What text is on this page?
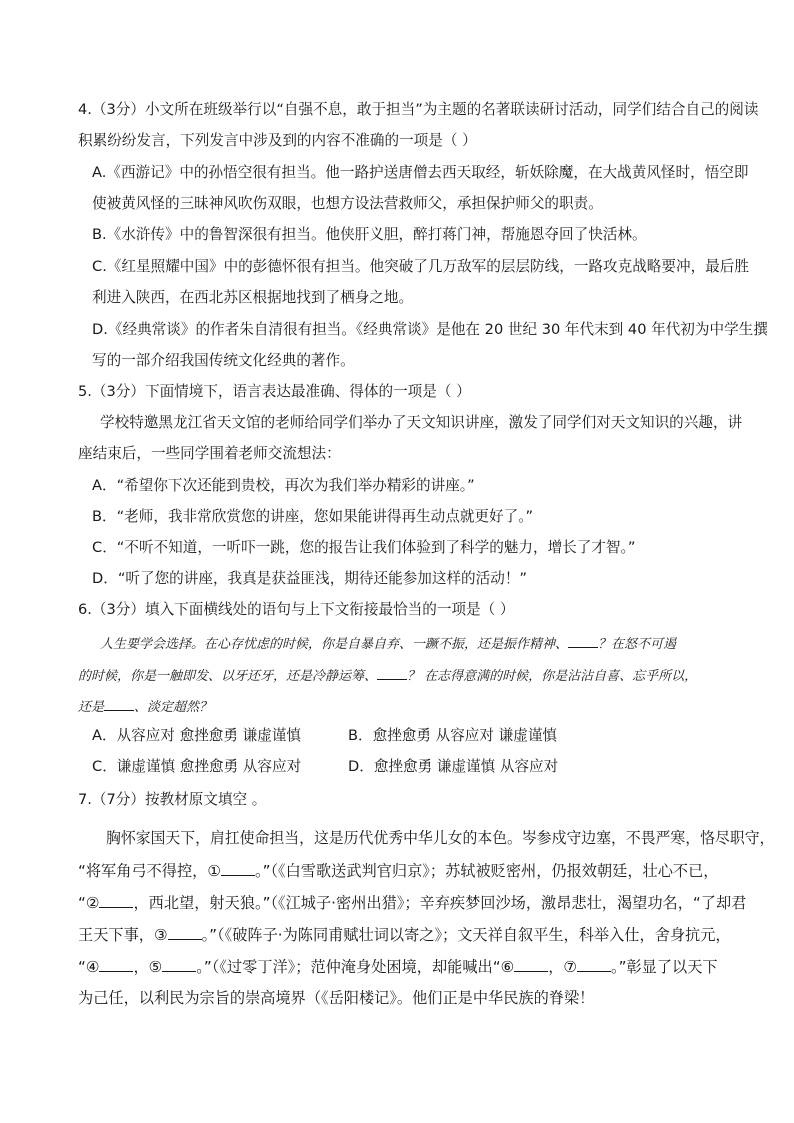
4.（3分）小文所在班级举行以“自强不息，敢于担当”为主题的名著联读研讨活动，同学们结合自己的阅读
积累纷纷发言，下列发言中涉及到的内容不准确的一项是（ ）
A.《西游记》中的孙悟空很有担当。他一路护送唐僧去西天取经，斩妖除魔，在大战黄风怪时，悟空即
使被黄风怪的三昧神风吹伤双眼，也想方设法营救师父，承担保护师父的职责。
B.《水浒传》中的鲁智深很有担当。他侠肝义胆，醉打蒋门神，帮施恩夺回了快活林。
C.《红星照耀中国》中的彭德怀很有担当。他突破了几万敌军的层层防线，一路攻克战略要冲，最后胜
利进入陕西，在西北苏区根据地找到了栖身之地。
D.《经典常谈》的作者朱自清很有担当。《经典常谈》是他在 20 世纪 30 年代末到 40 年代初为中学生撰
写的一部介绍我国传统文化经典的著作。
5.（3分）下面情境下，语言表达最准确、得体的一项是（ ）
学校特邀黑龙江省天文馆的老师给同学们举办了天文知识讲座，激发了同学们对天文知识的兴趣，讲
座结束后，一些同学围着老师交流想法：
A．“希望你下次还能到贵校，再次为我们举办精彩的讲座。”
B．“老师，我非常欣赏您的讲座，您如果能讲得再生动点就更好了。”
C．“不听不知道，一听吓一跳，您的报告让我们体验到了科学的魅力，增长了才智。”
D．“听了您的讲座，我真是获益匪浅，期待还能参加这样的活动！”
6.（3分）填入下面横线处的语句与上下文衔接最恰当的一项是（ ）
人生要学会选择。在心存忧虑的时候，你是自暴自弃、一蹶不振，还是振作精神、 ？在怒不可遏
的时候，你是一触即发、以牙还牙，还是冷静运筹、 ？ 在志得意满的时候，你是沾沾自喜、忘乎所以，
还是 、淡定超然？
A．从容应对 愈挫愈勇 谦虚谨慎	B．愈挫愈勇 从容应对 谦虚谨慎
C．谦虚谨慎 愈挫愈勇 从容应对	D．愈挫愈勇 谦虚谨慎 从容应对
7.（7分）按教材原文填空 。
胸怀家国天下，肩扛使命担当，这是历代优秀中华儿女的本色。岑参戍守边塞，不畏严寒，恪尽职守，
“将军角弓不得控，① 。”（《白雪歌送武判官归京》；苏轼被贬密州，仍报效朝廷，壮心不已，
“② ，西北望，射天狼。”（《江城子·密州出猎》；辛弃疾梦回沙场，激昂悲壮，渴望功名，“了却君
王天下事，③ 。”（《破阵子·为陈同甫赋壮词以寄之》；文天祥自叙平生，科举入仕，舍身抗元，
“④ ，⑤ 。”（《过零丁洋》；范仲淹身处困境，却能喊出“⑥ ，⑦ 。”彰显了以天下
为己任，以利民为宗旨的崇高境界（《岳阳楼记》。他们正是中华民族的脊梁！
